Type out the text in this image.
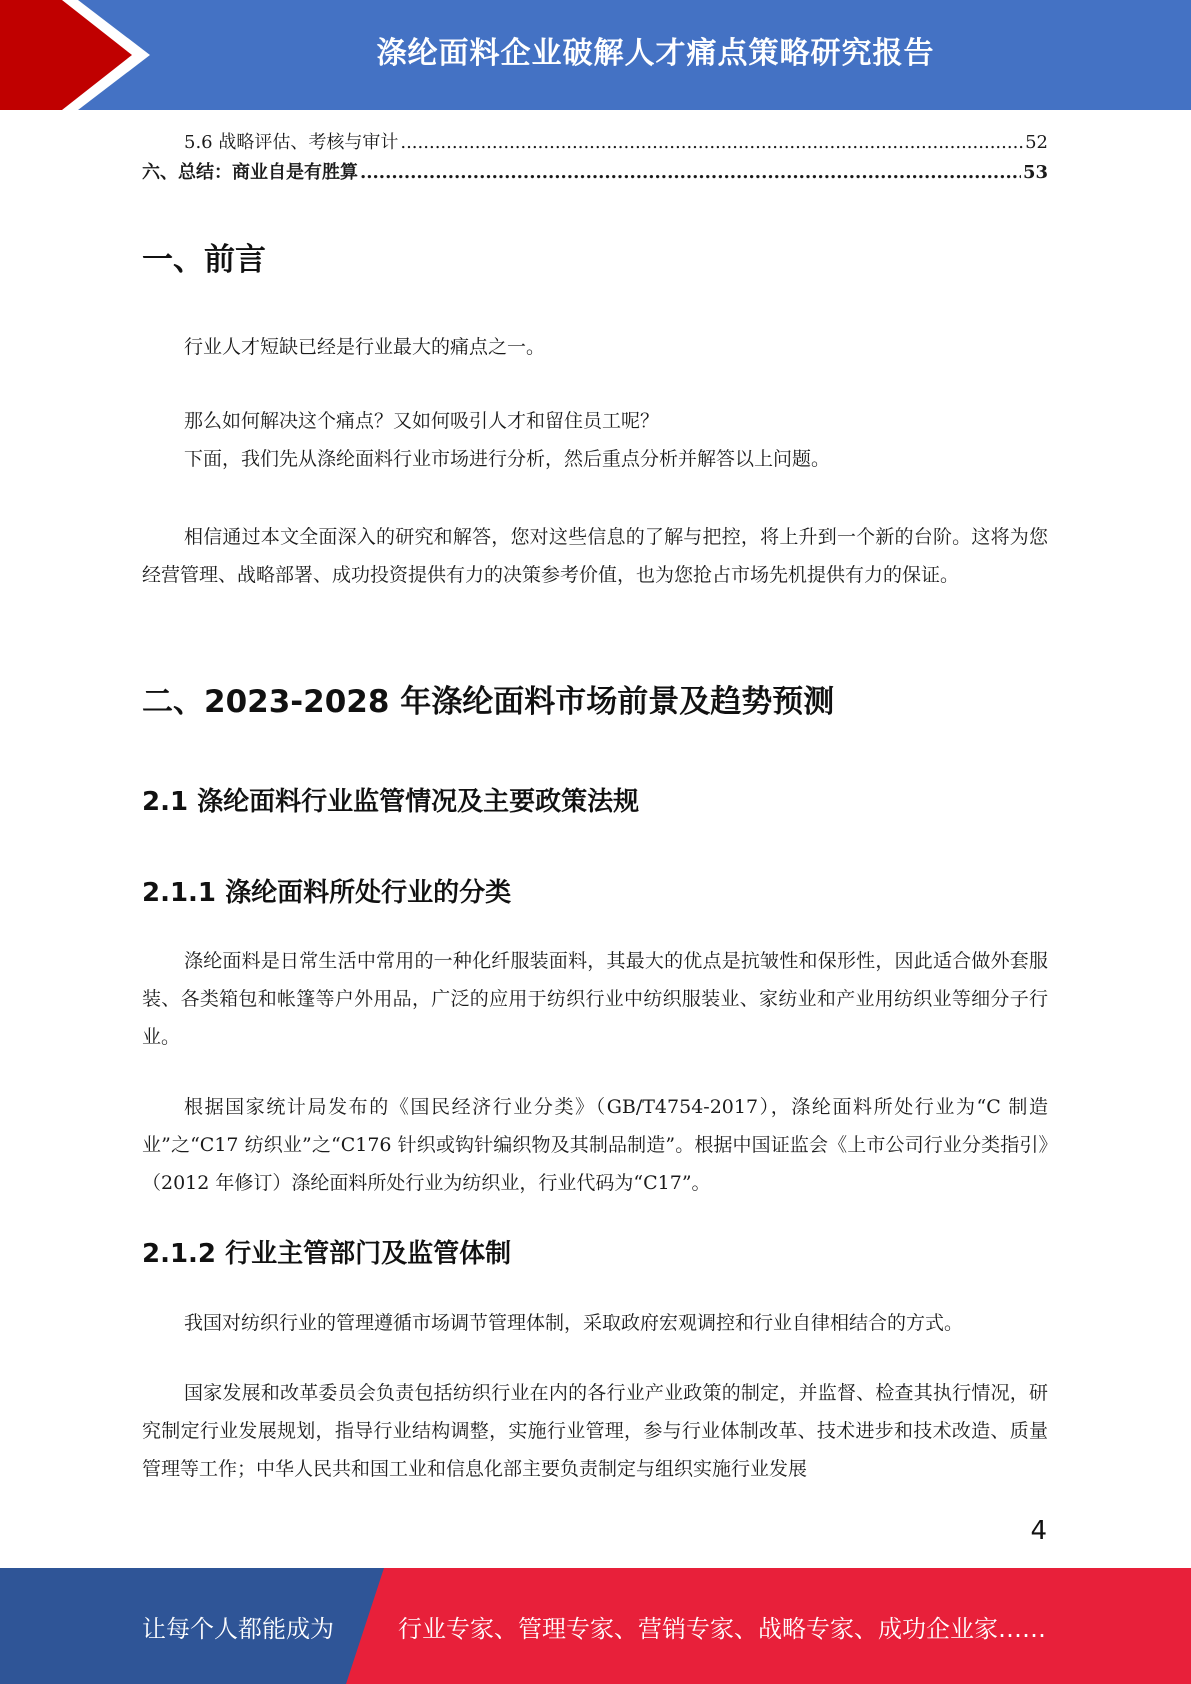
涤纶面料企业破解人才痛点策略研究报告
5.6 战略评估、考核与审计 .....	52
六、总结：商业自是有胜算 .....	53
一、前言
行业人才短缺已经是行业最大的痛点之一。
那么如何解决这个痛点？又如何吸引人才和留住员工呢？
下面，我们先从涤纶面料行业市场进行分析，然后重点分析并解答以上问题。
相信通过本文全面深入的研究和解答，您对这些信息的了解与把控，将上升到一个新的台阶。这将为您经营管理、战略部署、成功投资提供有力的决策参考价值，也为您抢占市场先机提供有力的保证。
二、2023-2028 年涤纶面料市场前景及趋势预测
2.1 涤纶面料行业监管情况及主要政策法规
2.1.1 涤纶面料所处行业的分类
涤纶面料是日常生活中常用的一种化纤服装面料，其最大的优点是抗皱性和保形性，因此适合做外套服装、各类箱包和帐篷等户外用品，广泛的应用于纺织行业中纺织服装业、家纺业和产业用纺织业等细分子行业。
根据国家统计局发布的《国民经济行业分类》（GB/T4754-2017），涤纶面料所处行业为“C 制造业”之“C17 纺织业”之“C176 针织或钩针编织物及其制品制造”。根据中国证监会《上市公司行业分类指引》（2012 年修订）涤纶面料所处行业为纺织业，行业代码为“C17”。
2.1.2 行业主管部门及监管体制
我国对纺织行业的管理遵循市场调节管理体制，采取政府宏观调控和行业自律相结合的方式。
国家发展和改革委员会负责包括纺织行业在内的各行业产业政策的制定，并监督、检查其执行情况，研究制定行业发展规划，指导行业结构调整，实施行业管理，参与行业体制改革、技术进步和技术改造、质量管理等工作；中华人民共和国工业和信息化部主要负责制定与组织实施行业发展
4
让每个人都能成为	行业专家、管理专家、营销专家、战略专家、成功企业家……
